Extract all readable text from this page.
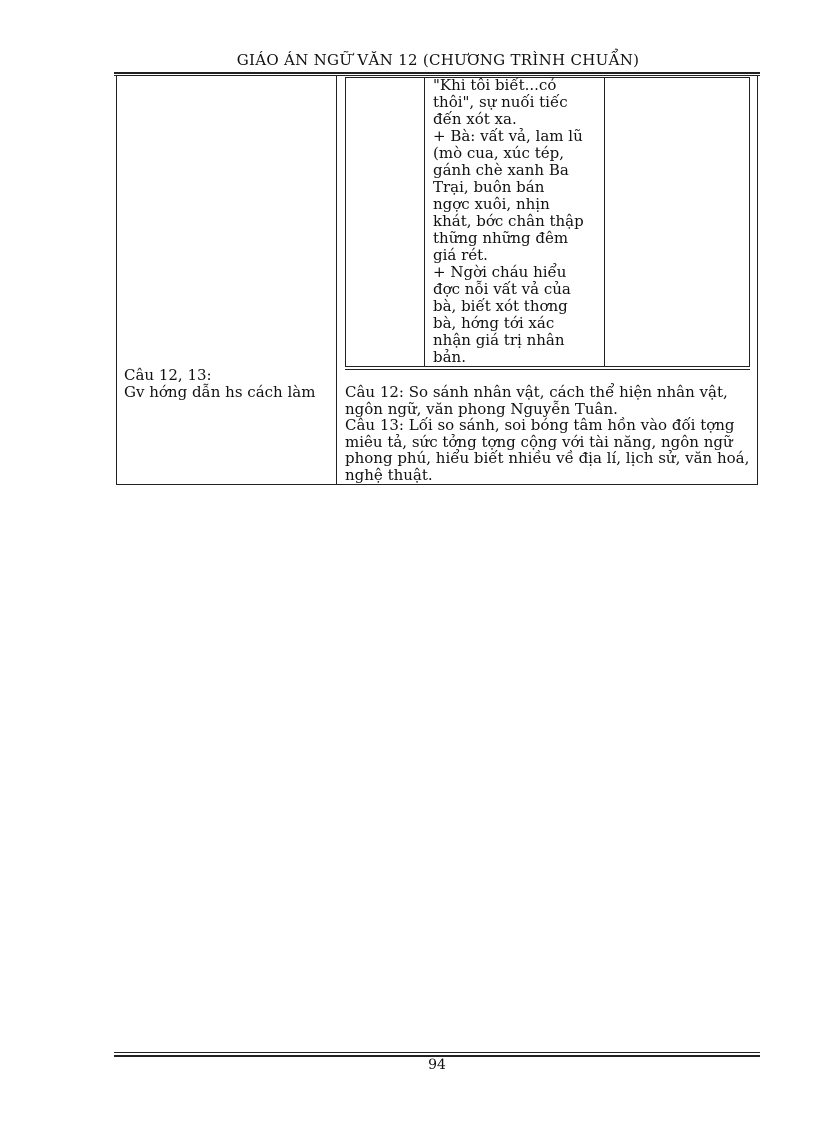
GIÁO ÁN NGỮ VĂN 12 (CHƯƠNG TRÌNH CHUẨN)
"Khi tôi biết...cỏ
thôi", sự nuối tiếc
đến xót xa.
+ Bà: vất vả, lam lũ
(mò cua, xúc tép,
gánh chè xanh Ba
Trại, buôn bán
ngợc xuôi, nhịn
khát, bớc chân thập
thững những đêm
giá rét.
+ Ngời cháu hiểu
đợc nỗi vất vả của
bà, biết xót thơng
bà, hớng tới xác
nhận giá trị nhân
bản.
Câu 12, 13:
Gv hớng dẫn hs cách làm	Câu 12: So sánh nhân vật, cách thể hiện nhân vật, ngôn ngữ, văn phong Nguyễn Tuân.

Câu 13: Lối so sánh, soi bóng tâm hồn vào đối tợng miêu tả, sức tởng tợng cộng với tài năng, ngôn ngữ phong phú, hiểu biết nhiều về địa lí, lịch sử, văn hoá, nghệ thuật.

94
